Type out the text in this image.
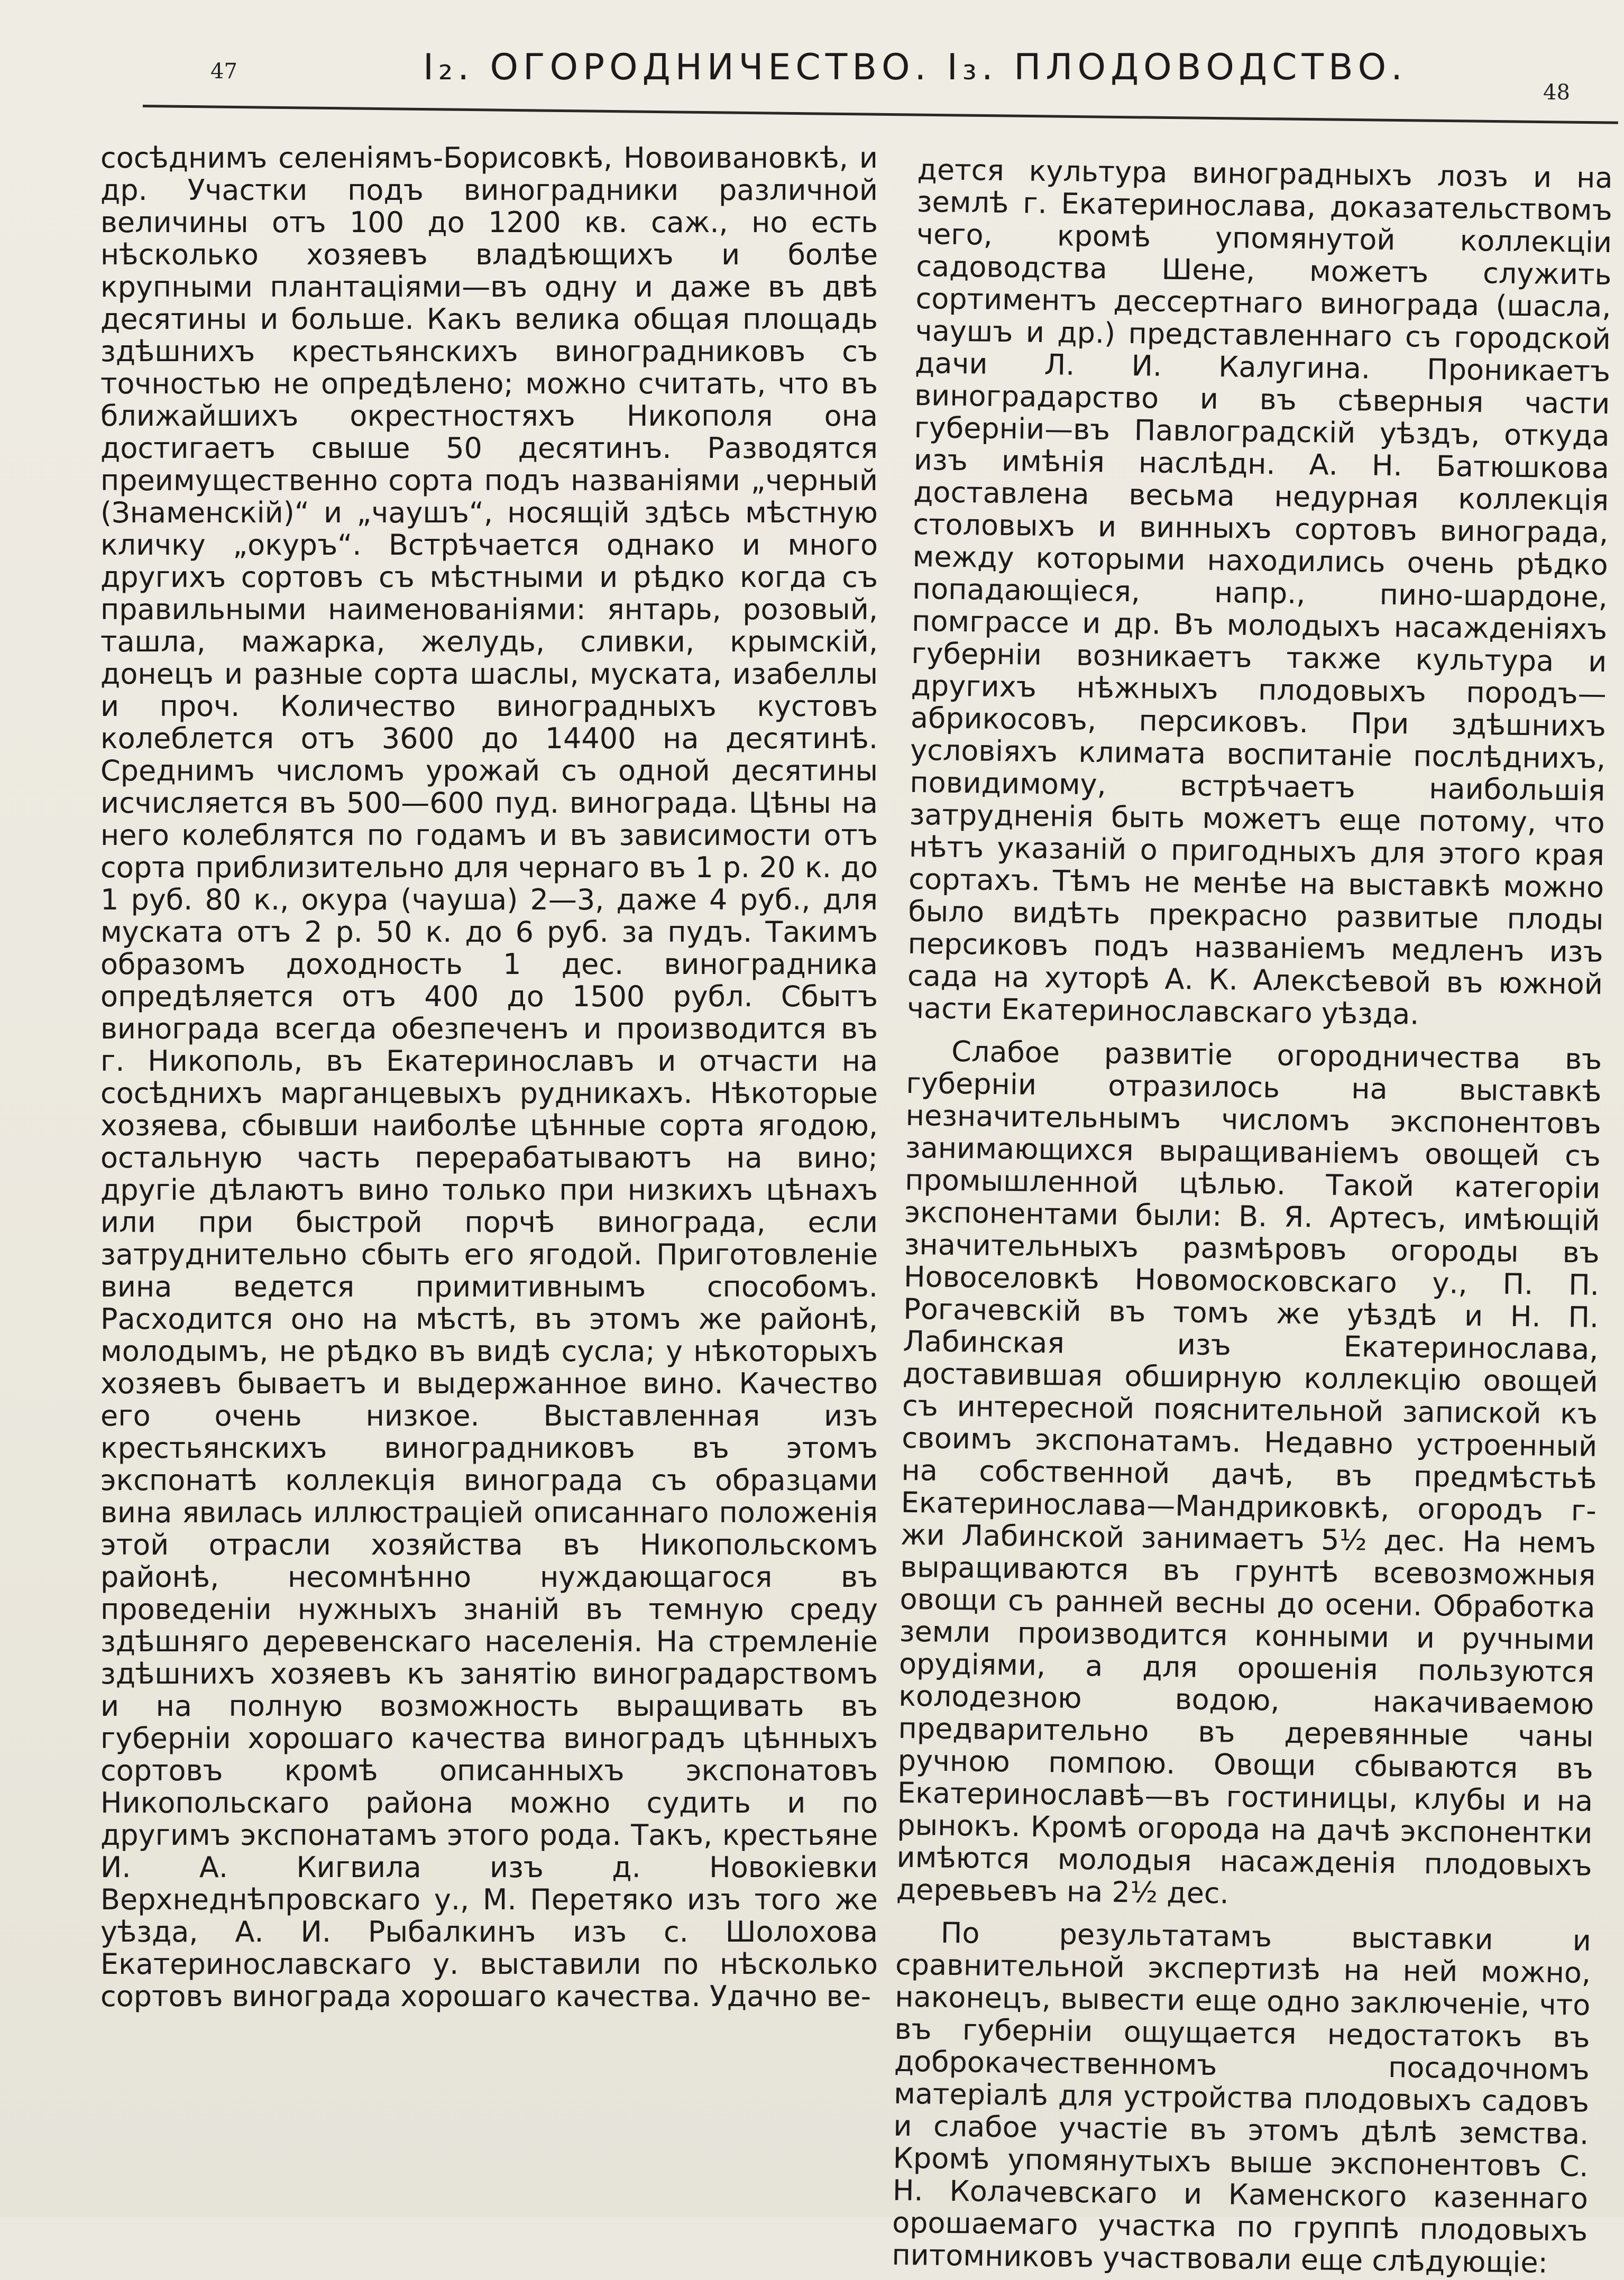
47	I₂. ОГОРОДНИЧЕСТВО. I₃. ПЛОДОВОДСТВО.
48

сосѣднимъ селеніямъ-Борисовкѣ, Новоивановкѣ, и др. Участки подъ виноградники различной величины отъ 100 до 1200 кв. саж., но есть нѣсколько хозяевъ владѣющихъ и болѣе крупными плантаціями—въ одну и даже въ двѣ десятины и больше. Какъ велика общая площадь здѣшнихъ крестьянскихъ виноградниковъ съ точностью не опредѣлено; можно считать, что въ ближайшихъ окрестностяхъ Никополя она достигаетъ свыше 50 десятинъ. Разводятся преимущественно сорта подъ названіями „черный (Знаменскій)“ и „чаушъ“, носящій здѣсь мѣстную кличку „окуръ“. Встрѣчается однако и много другихъ сортовъ съ мѣстными и рѣдко когда съ правильными наименованіями: янтарь, розовый, ташла, мажарка, желудь, сливки, крымскій, донецъ и разные сорта шаслы, муската, изабеллы и проч. Количество виноградныхъ кустовъ колеблется отъ 3600 до 14400 на десятинѣ. Среднимъ числомъ урожай съ одной десятины исчисляется въ 500—600 пуд. винограда. Цѣны на него колеблятся по годамъ и въ зависимости отъ сорта приблизительно для чернаго въ 1 р. 20 к. до 1 руб. 80 к., окура (чауша) 2—3, даже 4 руб., для муската отъ 2 р. 50 к. до 6 руб. за пудъ. Такимъ образомъ доходность 1 дес. виноградника опредѣляется отъ 400 до 1500 рубл. Сбытъ винограда всегда обезпеченъ и производится въ г. Никополь, въ Екатеринославъ и отчасти на сосѣднихъ марганцевыхъ рудникахъ. Нѣкоторые хозяева, сбывши наиболѣе цѣнные сорта ягодою, остальную часть перерабатываютъ на вино; другіе дѣлаютъ вино только при низкихъ цѣнахъ или при быстрой порчѣ винограда, если затруднительно сбыть его ягодой. Приготовленіе вина ведется примитивнымъ способомъ. Расходится оно на мѣстѣ, въ этомъ же районѣ, молодымъ, не рѣдко въ видѣ сусла; у нѣкоторыхъ хозяевъ бываетъ и выдержанное вино. Качество его очень низкое. Выставленная изъ крестьянскихъ виноградниковъ въ этомъ экспонатѣ коллекція винограда съ образцами вина явилась иллюстраціей описаннаго положенія этой отрасли хозяйства въ Никопольскомъ районѣ, несомнѣнно нуждающагося въ проведеніи нужныхъ знаній въ темную среду здѣшняго деревенскаго населенія. На стремленіе здѣшнихъ хозяевъ къ занятію виноградарствомъ и на полную возможность выращивать въ губерніи хорошаго качества виноградъ цѣнныхъ сортовъ кромѣ описанныхъ экспонатовъ Никопольскаго района можно судить и по другимъ экспонатамъ этого рода. Такъ, крестьяне И. А. Кигвила изъ д. Новокіевки Верхнеднѣпровскаго у., М. Перетяко изъ того же уѣзда, А. И. Рыбалкинъ изъ с. Шолохова Екатеринославскаго у. выставили по нѣсколько сортовъ винограда хорошаго качества. Удачно ве-

дется культура виноградныхъ лозъ и на землѣ г. Екатеринослава, доказательствомъ чего, кромѣ упомянутой коллекціи садоводства Шене, можетъ служить сортиментъ дессертнаго винограда (шасла, чаушъ и др.) представленнаго съ городской дачи Л. И. Калугина. Проникаетъ виноградарство и въ сѣверныя части губерніи—въ Павлоградскій уѣздъ, откуда изъ имѣнія наслѣдн. А. Н. Батюшкова доставлена весьма недурная коллекція столовыхъ и винныхъ сортовъ винограда, между которыми находились очень рѣдко попадающіеся, напр., пино-шардоне, помграссе и др. Въ молодыхъ насажденіяхъ губерніи возникаетъ также культура и другихъ нѣжныхъ плодовыхъ породъ—абрикосовъ, персиковъ. При здѣшнихъ условіяхъ климата воспитаніе послѣднихъ, повидимому, встрѣчаетъ наибольшія затрудненія быть можетъ еще потому, что нѣтъ указаній о пригодныхъ для этого края сортахъ. Тѣмъ не менѣе на выставкѣ можно было видѣть прекрасно развитые плоды персиковъ подъ названіемъ медленъ изъ сада на хуторѣ А. К. Алексѣевой въ южной части Екатеринославскаго уѣзда.

Слабое развитіе огородничества въ губерніи отразилось на выставкѣ незначительнымъ числомъ экспонентовъ занимающихся выращиваніемъ овощей съ промышленной цѣлью. Такой категоріи экспонентами были: В. Я. Артесъ, имѣющій значительныхъ размѣровъ огороды въ Новоселовкѣ Новомосковскаго у., П. П. Рогачевскій въ томъ же уѣздѣ и Н. П. Лабинская изъ Екатеринослава, доставившая обширную коллекцію овощей съ интересной пояснительной запиской къ своимъ экспонатамъ. Недавно устроенный на собственной дачѣ, въ предмѣстьѣ Екатеринослава—Мандриковкѣ, огородъ г-жи Лабинской занимаетъ 5½ дес. На немъ выращиваются въ грунтѣ всевозможныя овощи съ ранней весны до осени. Обработка земли производится конными и ручными орудіями, а для орошенія пользуются колодезною водою, накачиваемою предварительно въ деревянные чаны ручною помпою. Овощи сбываются въ Екатеринославѣ—въ гостиницы, клубы и на рынокъ. Кромѣ огорода на дачѣ экспонентки имѣются молодыя насажденія плодовыхъ деревьевъ на 2½ дес.

По результатамъ выставки и сравнительной экспертизѣ на ней можно, наконецъ, вывести еще одно заключеніе, что въ губерніи ощущается недостатокъ въ доброкачественномъ посадочномъ матеріалѣ для устройства плодовыхъ садовъ и слабое участіе въ этомъ дѣлѣ земства. Кромѣ упомянутыхъ выше экспонентовъ С. Н. Колачевскаго и Каменского казеннаго орошаемаго участка по группѣ плодовыхъ питомниковъ участвовали еще слѣдующіе:
